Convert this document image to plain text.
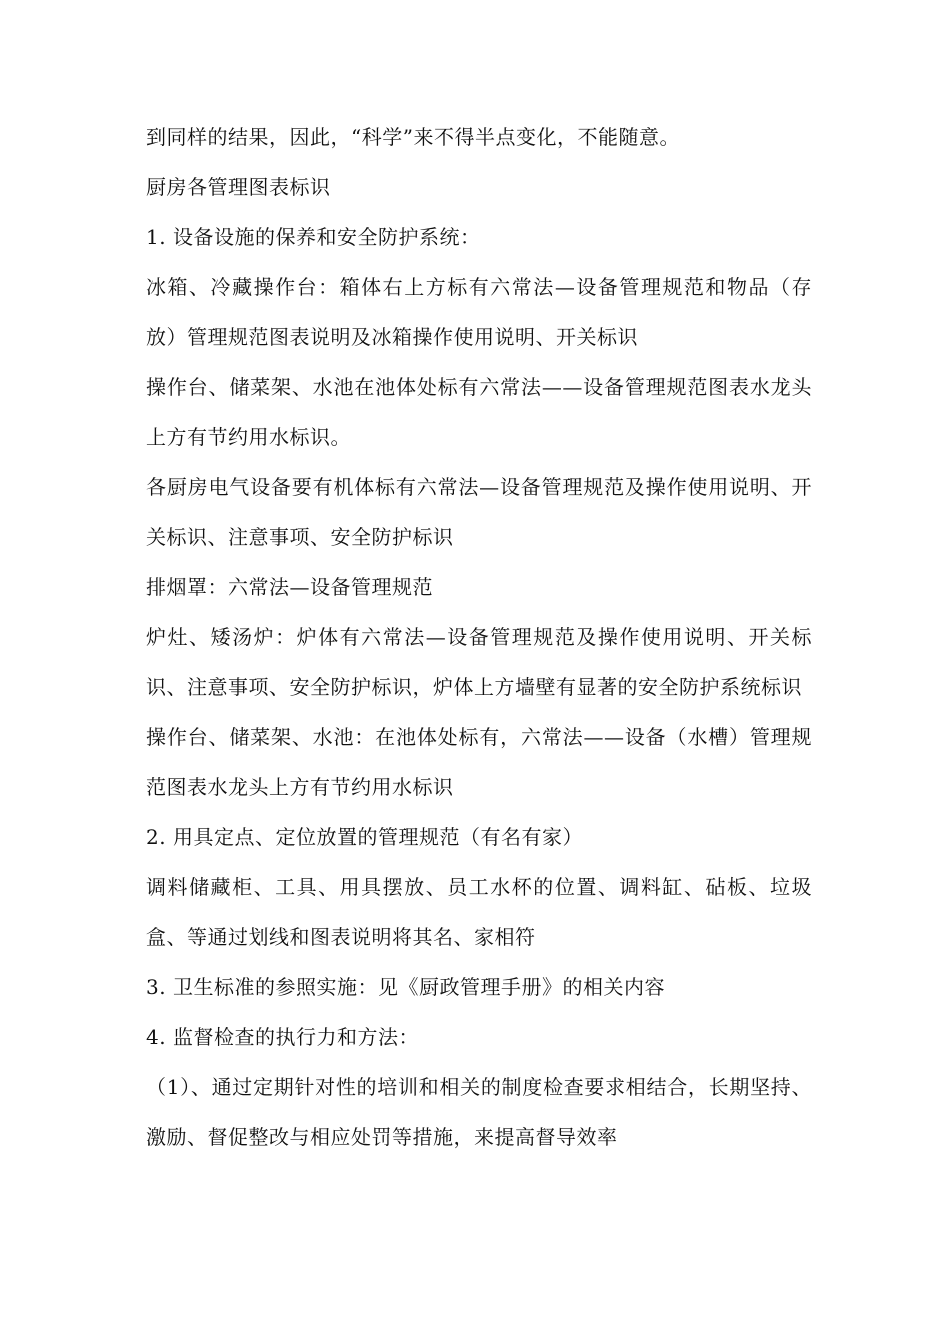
到同样的结果，因此，“科学”来不得半点变化，不能随意。

厨房各管理图表标识

1. 设备设施的保养和安全防护系统：

冰箱、冷藏操作台：箱体右上方标有六常法—设备管理规范和物品（存放）管理规范图表说明及冰箱操作使用说明、开关标识

操作台、储菜架、水池在池体处标有六常法——设备管理规范图表水龙头上方有节约用水标识。

各厨房电气设备要有机体标有六常法—设备管理规范及操作使用说明、开关标识、注意事项、安全防护标识

排烟罩：六常法—设备管理规范

炉灶、矮汤炉：炉体有六常法—设备管理规范及操作使用说明、开关标识、注意事项、安全防护标识，炉体上方墙壁有显著的安全防护系统标识

操作台、储菜架、水池：在池体处标有，六常法——设备（水槽）管理规范图表水龙头上方有节约用水标识

2. 用具定点、定位放置的管理规范（有名有家）

调料储藏柜、工具、用具摆放、员工水杯的位置、调料缸、砧板、垃圾盒、等通过划线和图表说明将其名、家相符

3. 卫生标准的参照实施：见《厨政管理手册》的相关内容

4. 监督检查的执行力和方法：

（1）、通过定期针对性的培训和相关的制度检查要求相结合，长期坚持、激励、督促整改与相应处罚等措施，来提高督导效率
